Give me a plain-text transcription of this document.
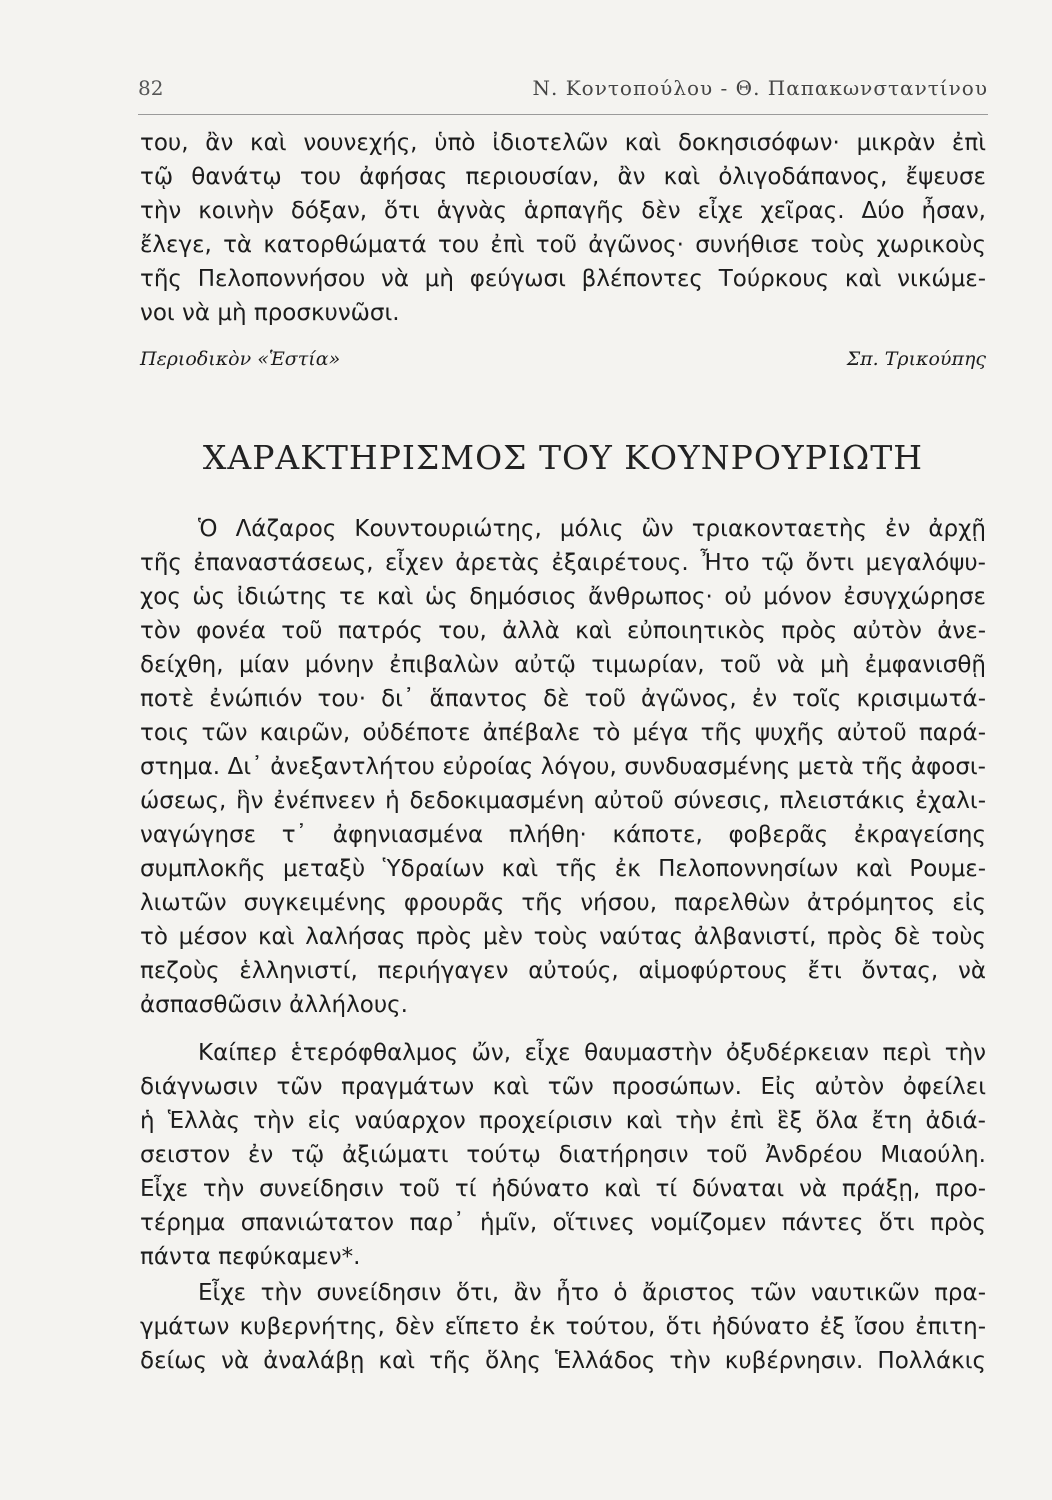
82	Ν. Κοντοπούλου - Θ. Παπακωνσταντίνου
του, ἂν καὶ νουνεχής, ὑπὸ ἰδιοτελῶν καὶ δοκησισόφων· μικρὰν ἐπὶ
τῷ θανάτῳ του ἀφήσας περιουσίαν, ἂν καὶ ὀλιγοδάπανος, ἔψευσε
τὴν κοινὴν δόξαν, ὅτι ἁγνὰς ἁρπαγῆς δὲν εἶχε χεῖρας. Δύο ἦσαν,
ἔλεγε, τὰ κατορθώματά του ἐπὶ τοῦ ἀγῶνος· συνήθισε τοὺς χωρικοὺς
τῆς Πελοποννήσου νὰ μὴ φεύγωσι βλέποντες Τούρκους καὶ νικώμε-
νοι νὰ μὴ προσκυνῶσι.
Περιοδικὸν «Ἑστία»	Σπ. Τρικούπης
ΧΑΡΑΚΤΗΡΙΣΜΟΣ ΤΟΥ ΚΟΥΝΡΟΥΡΙΩΤΗ
Ὁ Λάζαρος Κουντουριώτης, μόλις ὢν τριακονταετὴς ἐν ἀρχῇ
τῆς ἐπαναστάσεως, εἶχεν ἀρετὰς ἐξαιρέτους. Ἦτο τῷ ὄντι μεγαλόψυ-
χος ὡς ἰδιώτης τε καὶ ὡς δημόσιος ἄνθρωπος· οὐ μόνον ἐσυγχώρησε
τὸν φονέα τοῦ πατρός του, ἀλλὰ καὶ εὐποιητικὸς πρὸς αὐτὸν ἀνε-
δείχθη, μίαν μόνην ἐπιβαλὼν αὐτῷ τιμωρίαν, τοῦ νὰ μὴ ἐμφανισθῇ
ποτὲ ἐνώπιόν του· δι᾽ ἅπαντος δὲ τοῦ ἀγῶνος, ἐν τοῖς κρισιμωτά-
τοις τῶν καιρῶν, οὐδέποτε ἀπέβαλε τὸ μέγα τῆς ψυχῆς αὐτοῦ παρά-
στημα. Δι᾽ ἀνεξαντλήτου εὐροίας λόγου, συνδυασμένης μετὰ τῆς ἀφοσι-
ώσεως, ἣν ἐνέπνεεν ἡ δεδοκιμασμένη αὐτοῦ σύνεσις, πλειστάκις ἐχαλι-
ναγώγησε τ᾽ ἀφηνιασμένα πλήθη· κάποτε, φοβερᾶς ἐκραγείσης
συμπλοκῆς μεταξὺ Ὑδραίων καὶ τῆς ἐκ Πελοποννησίων καὶ Ρουμε-
λιωτῶν συγκειμένης φρουρᾶς τῆς νήσου, παρελθὼν ἀτρόμητος εἰς
τὸ μέσον καὶ λαλήσας πρὸς μὲν τοὺς ναύτας ἀλβανιστί, πρὸς δὲ τοὺς
πεζοὺς ἑλληνιστί, περιήγαγεν αὐτούς, αἱμοφύρτους ἔτι ὄντας, νὰ
ἀσπασθῶσιν ἀλλήλους.
Καίπερ ἑτερόφθαλμος ὤν, εἶχε θαυμαστὴν ὀξυδέρκειαν περὶ τὴν
διάγνωσιν τῶν πραγμάτων καὶ τῶν προσώπων. Εἰς αὐτὸν ὀφείλει
ἡ Ἑλλὰς τὴν εἰς ναύαρχον προχείρισιν καὶ τὴν ἐπὶ ἓξ ὅλα ἔτη ἀδιά-
σειστον ἐν τῷ ἀξιώματι τούτῳ διατήρησιν τοῦ Ἀνδρέου Μιαούλη.
Εἶχε τὴν συνείδησιν τοῦ τί ἠδύνατο καὶ τί δύναται νὰ πράξῃ, προ-
τέρημα σπανιώτατον παρ᾽ ἡμῖν, οἵτινες νομίζομεν πάντες ὅτι πρὸς
πάντα πεφύκαμεν*.
Εἶχε τὴν συνείδησιν ὅτι, ἂν ἦτο ὁ ἄριστος τῶν ναυτικῶν πρα-
γμάτων κυβερνήτης, δὲν εἵπετο ἐκ τούτου, ὅτι ἠδύνατο ἐξ ἴσου ἐπιτη-
δείως νὰ ἀναλάβῃ καὶ τῆς ὅλης Ἑλλάδος τὴν κυβέρνησιν. Πολλάκις
